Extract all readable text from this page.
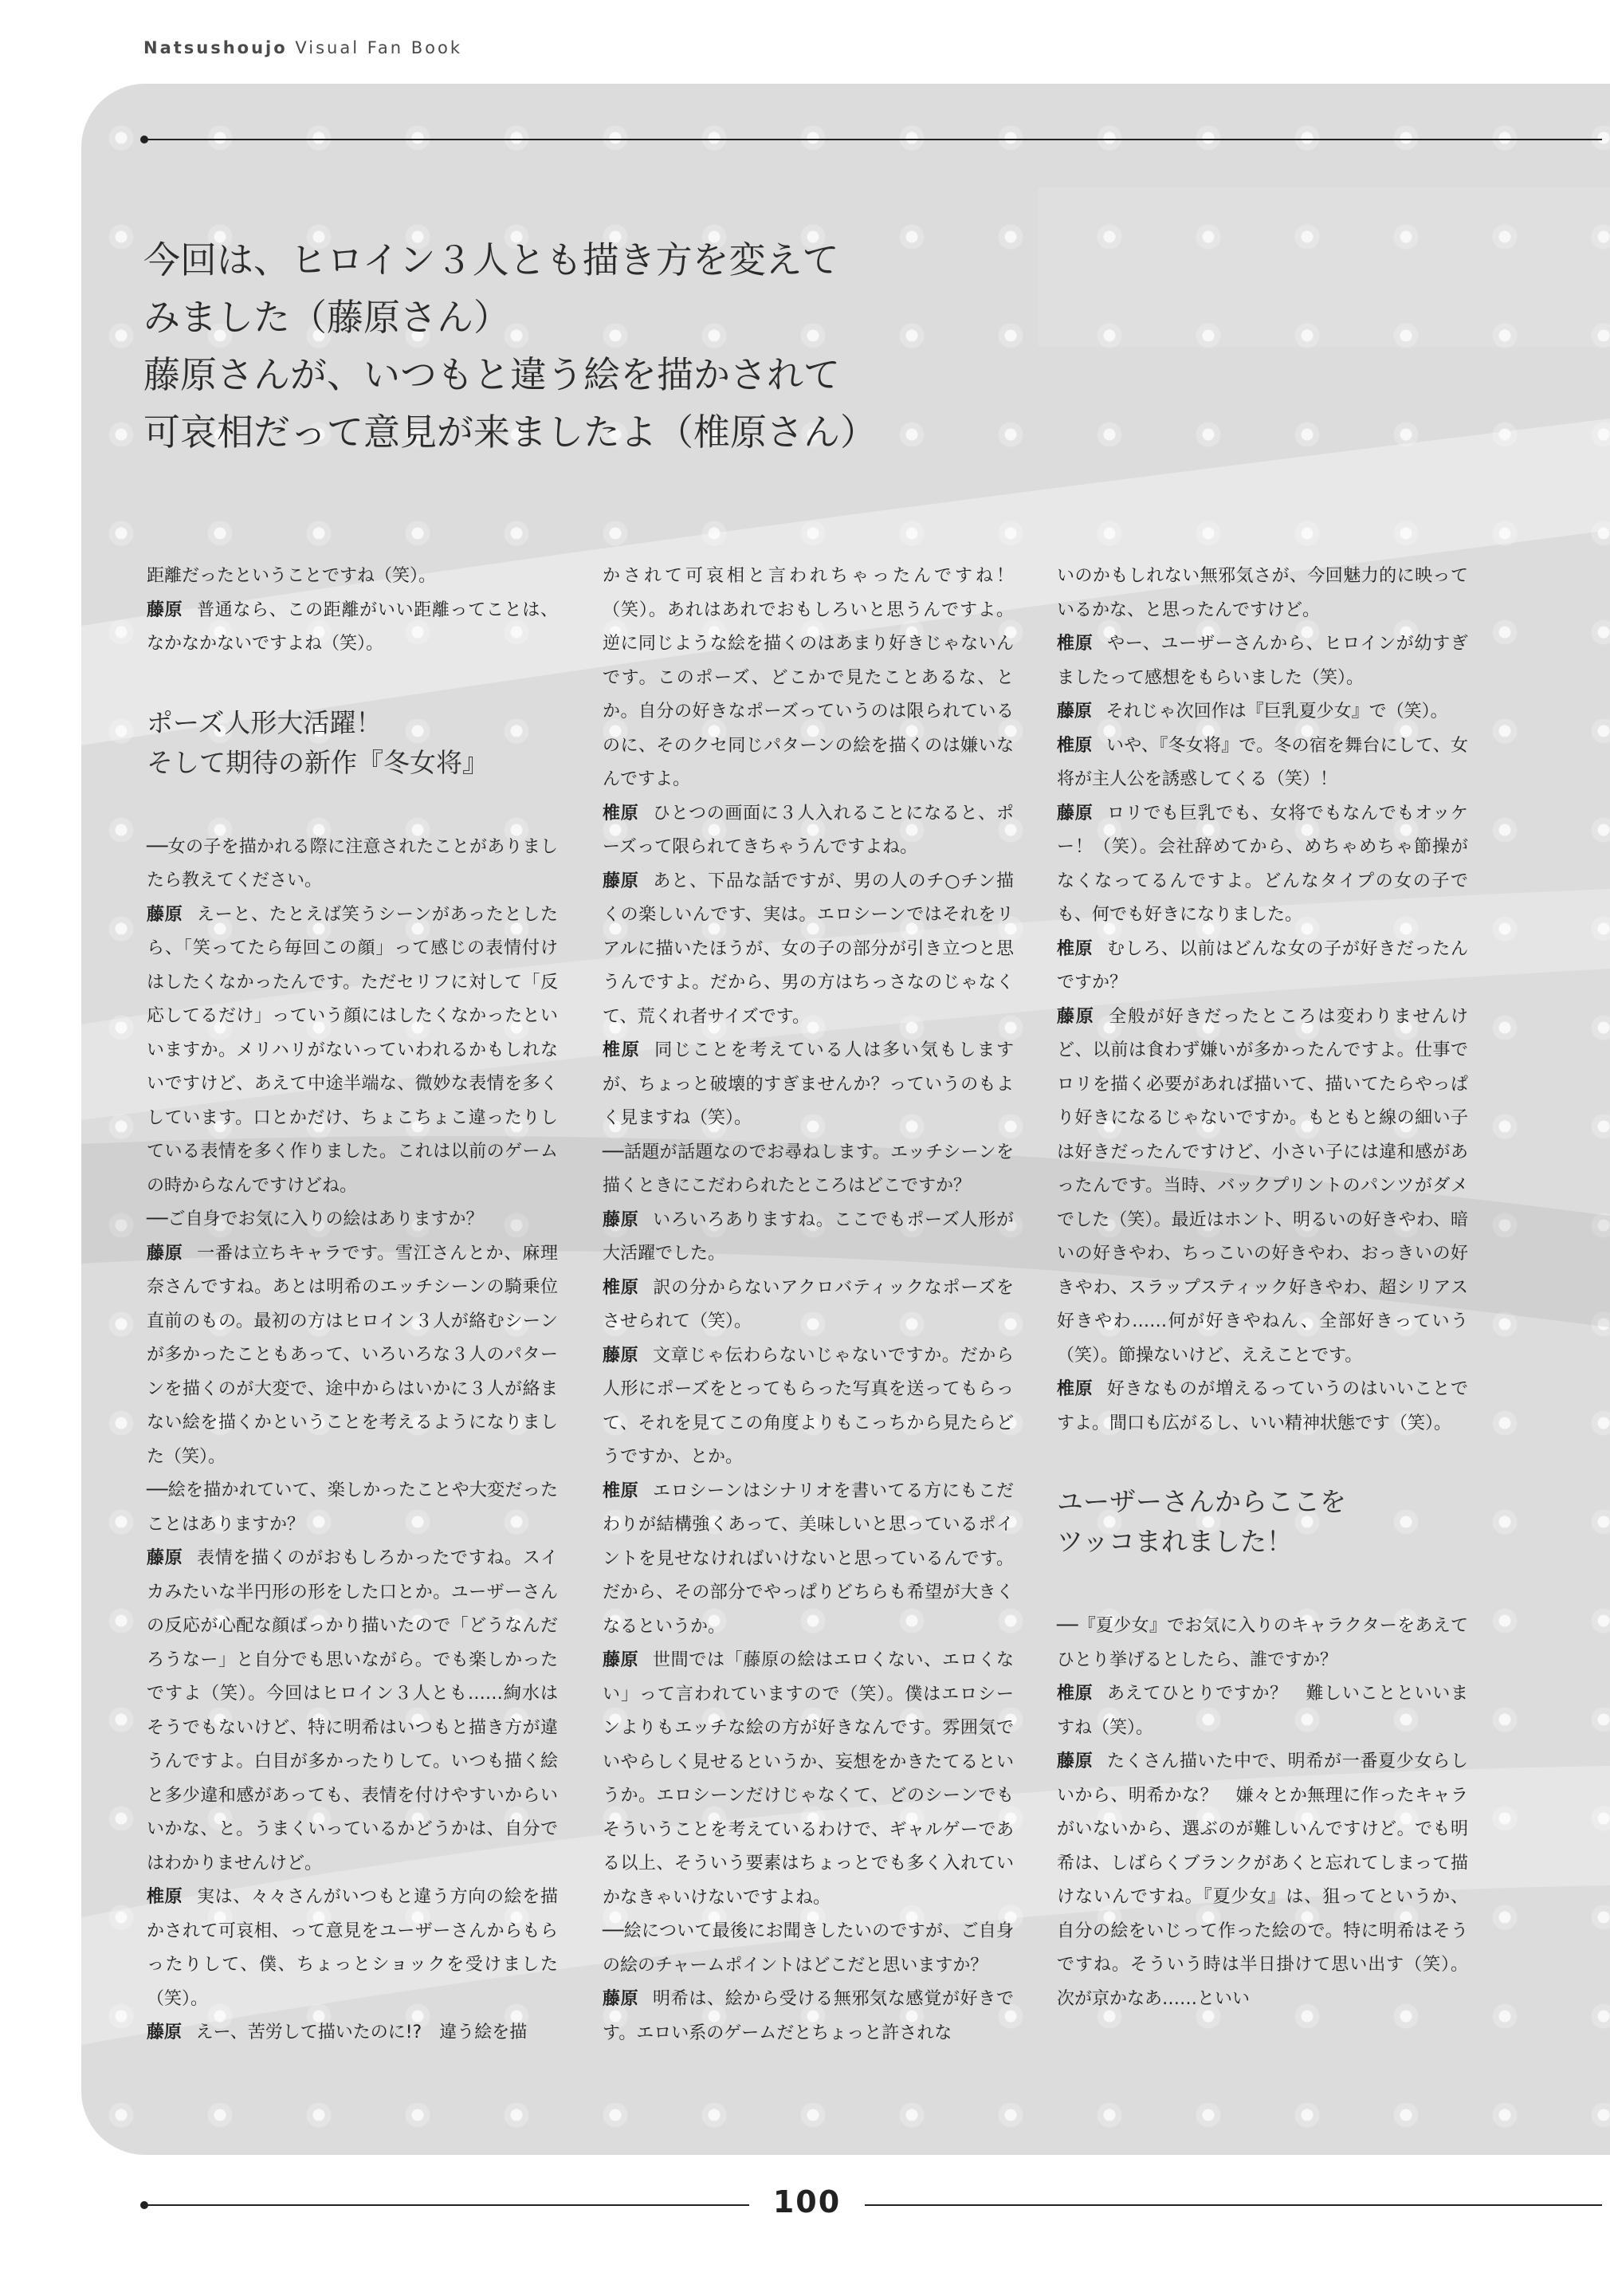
Natsushoujo Visual Fan Book
今回は、ヒロイン３人とも描き方を変えて
みました（藤原さん）
藤原さんが、いつもと違う絵を描かされて
可哀相だって意見が来ましたよ（椎原さん）

距離だったということですね（笑）。

藤原 普通なら、この距離がいい距離ってことは、なかなかないですよね（笑）。

ポーズ人形大活躍！
そして期待の新作『冬女将』

──女の子を描かれる際に注意されたことがありましたら教えてください。

藤原 えーと、たとえば笑うシーンがあったとしたら、「笑ってたら毎回この顔」って感じの表情付けはしたくなかったんです。ただセリフに対して「反応してるだけ」っていう顔にはしたくなかったといいますか。メリハリがないっていわれるかもしれないですけど、あえて中途半端な、微妙な表情を多くしています。口とかだけ、ちょこちょこ違ったりしている表情を多く作りました。これは以前のゲームの時からなんですけどね。

──ご自身でお気に入りの絵はありますか？

藤原 一番は立ちキャラです。雪江さんとか、麻理奈さんですね。あとは明希のエッチシーンの騎乗位直前のもの。最初の方はヒロイン３人が絡むシーンが多かったこともあって、いろいろな３人のパターンを描くのが大変で、途中からはいかに３人が絡まない絵を描くかということを考えるようになりました（笑）。

──絵を描かれていて、楽しかったことや大変だったことはありますか？

藤原 表情を描くのがおもしろかったですね。スイカみたいな半円形の形をした口とか。ユーザーさんの反応が心配な顔ばっかり描いたので「どうなんだろうなー」と自分でも思いながら。でも楽しかったですよ（笑）。今回はヒロイン３人とも……絢水はそうでもないけど、特に明希はいつもと描き方が違うんですよ。白目が多かったりして。いつも描く絵と多少違和感があっても、表情を付けやすいからいいかな、と。うまくいっているかどうかは、自分ではわかりませんけど。

椎原 実は、々々さんがいつもと違う方向の絵を描かされて可哀相、って意見をユーザーさんからもらったりして、僕、ちょっとショックを受けました（笑）。

藤原 えー、苦労して描いたのに!?　違う絵を描

かされて可哀相と言われちゃったんですね！（笑）。あれはあれでおもしろいと思うんですよ。逆に同じような絵を描くのはあまり好きじゃないんです。このポーズ、どこかで見たことあるな、とか。自分の好きなポーズっていうのは限られているのに、そのクセ同じパターンの絵を描くのは嫌いなんですよ。

椎原 ひとつの画面に３人入れることになると、ポーズって限られてきちゃうんですよね。

藤原 あと、下品な話ですが、男の人のチ○チン描くの楽しいんです、実は。エロシーンではそれをリアルに描いたほうが、女の子の部分が引き立つと思うんですよ。だから、男の方はちっさなのじゃなくて、荒くれ者サイズです。

椎原 同じことを考えている人は多い気もしますが、ちょっと破壊的すぎませんか？っていうのもよく見ますね（笑）。

──話題が話題なのでお尋ねします。エッチシーンを描くときにこだわられたところはどこですか？

藤原 いろいろありますね。ここでもポーズ人形が大活躍でした。

椎原 訳の分からないアクロバティックなポーズをさせられて（笑）。

藤原 文章じゃ伝わらないじゃないですか。だから人形にポーズをとってもらった写真を送ってもらって、それを見てこの角度よりもこっちから見たらどうですか、とか。

椎原 エロシーンはシナリオを書いてる方にもこだわりが結構強くあって、美味しいと思っているポイントを見せなければいけないと思っているんです。だから、その部分でやっぱりどちらも希望が大きくなるというか。

藤原 世間では「藤原の絵はエロくない、エロくない」って言われていますので（笑）。僕はエロシーンよりもエッチな絵の方が好きなんです。雰囲気でいやらしく見せるというか、妄想をかきたてるというか。エロシーンだけじゃなくて、どのシーンでもそういうことを考えているわけで、ギャルゲーである以上、そういう要素はちょっとでも多く入れていかなきゃいけないですよね。

──絵について最後にお聞きしたいのですが、ご自身の絵のチャームポイントはどこだと思いますか？

藤原 明希は、絵から受ける無邪気な感覚が好きです。エロい系のゲームだとちょっと許されな

いのかもしれない無邪気さが、今回魅力的に映っているかな、と思ったんですけど。

椎原 やー、ユーザーさんから、ヒロインが幼すぎましたって感想をもらいました（笑）。

藤原 それじゃ次回作は『巨乳夏少女』で（笑）。

椎原 いや、『冬女将』で。冬の宿を舞台にして、女将が主人公を誘惑してくる（笑）！

藤原 ロリでも巨乳でも、女将でもなんでもオッケー！（笑）。会社辞めてから、めちゃめちゃ節操がなくなってるんですよ。どんなタイプの女の子でも、何でも好きになりました。

椎原 むしろ、以前はどんな女の子が好きだったんですか？

藤原 全般が好きだったところは変わりませんけど、以前は食わず嫌いが多かったんですよ。仕事でロリを描く必要があれば描いて、描いてたらやっぱり好きになるじゃないですか。もともと線の細い子は好きだったんですけど、小さい子には違和感があったんです。当時、バックプリントのパンツがダメでした（笑）。最近はホント、明るいの好きやわ、暗いの好きやわ、ちっこいの好きやわ、おっきいの好きやわ、スラップスティック好きやわ、超シリアス好きやわ……何が好きやねん、全部好きっていう（笑）。節操ないけど、ええことです。

椎原 好きなものが増えるっていうのはいいことですよ。間口も広がるし、いい精神状態です（笑）。

ユーザーさんからここを
ツッコまれました！

──『夏少女』でお気に入りのキャラクターをあえてひとり挙げるとしたら、誰ですか？

椎原 あえてひとりですか？　難しいことといいますね（笑）。

藤原 たくさん描いた中で、明希が一番夏少女らしいから、明希かな？　嫌々とか無理に作ったキャラがいないから、選ぶのが難しいんですけど。でも明希は、しばらくブランクがあくと忘れてしまって描けないんですね。『夏少女』は、狙ってというか、自分の絵をいじって作った絵ので。特に明希はそうですね。そういう時は半日掛けて思い出す（笑）。次が京かなあ……といい

100
